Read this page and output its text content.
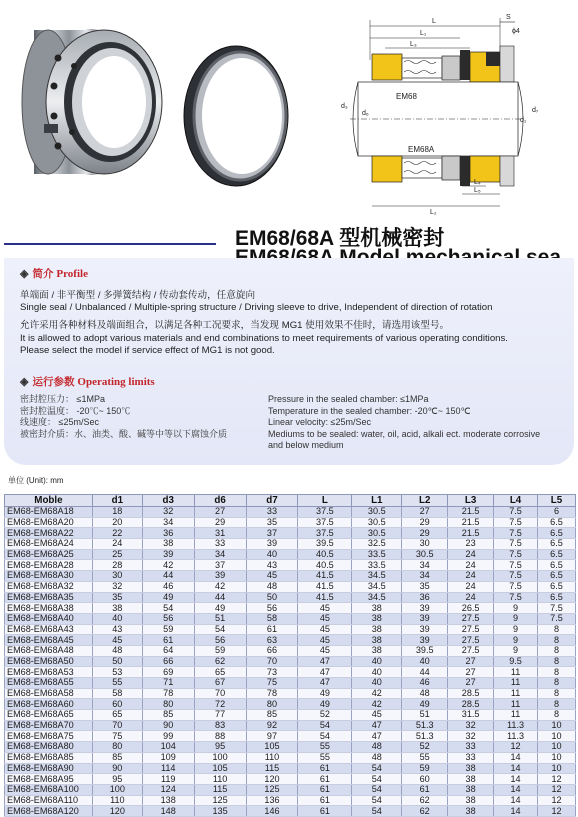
L
L₁
L₃
S
ϕ4
EM68
EM68A
d₃
d₆
d₁
d₇
L₄
L₅
L₂
EM68/68A 型机械密封
◈ 简介 Profile
单端面 / 非平衡型 / 多弹簧结构 / 传动套传动，任意旋向
Single seal / Unbalanced / Multiple-spring structure / Driving sleeve to drive, Independent of direction of rotation
允许采用各种材料及端面组合，以满足各种工况要求，当发现 MG1 使用效果不佳时，请选用该型号。
It is allowed to adopt various materials and end combinations to meet requirements of various operating conditions.
Please select the model if service effect of MG1 is not good.
◈ 运行参数 Operating limits
密封腔压力： ≤1MPa
密封腔温度： -20℃~ 150℃
线速度： ≤25m/Sec
被密封介质：水、油类、酸、碱等中等以下腐蚀介质
Pressure in the sealed chamber: ≤1MPa
Temperature in the sealed chamber: -20℃~ 150℃
Linear velocity: ≤25m/Sec
Mediums to be sealed: water, oil, acid, alkali ect. moderate corrosive
and below medium
单位 (Unit): mm
Moble	d1	d3	d6	d7	L	L1	L2	L3	L4	L5
EM68-EM68A18	18	32	27	33	37.5	30.5	27	21.5	7.5	6
EM68-EM68A20	20	34	29	35	37.5	30.5	29	21.5	7.5	6.5
EM68-EM68A22	22	36	31	37	37.5	30.5	29	21.5	7.5	6.5
EM68-EM68A24	24	38	33	39	39.5	32.5	30	23	7.5	6.5
EM68-EM68A25	25	39	34	40	40.5	33.5	30.5	24	7.5	6.5
EM68-EM68A28	28	42	37	43	40.5	33.5	34	24	7.5	6.5
EM68-EM68A30	30	44	39	45	41.5	34.5	34	24	7.5	6.5
EM68-EM68A32	32	46	42	48	41.5	34.5	35	24	7.5	6.5
EM68-EM68A35	35	49	44	50	41.5	34.5	36	24	7.5	6.5
EM68-EM68A38	38	54	49	56	45	38	39	26.5	9	7.5
EM68-EM68A40	40	56	51	58	45	38	39	27.5	9	7.5
EM68-EM68A43	43	59	54	61	45	38	39	27.5	9	8
EM68-EM68A45	45	61	56	63	45	38	39	27.5	9	8
EM68-EM68A48	48	64	59	66	45	38	39.5	27.5	9	8
EM68-EM68A50	50	66	62	70	47	40	40	27	9.5	8
EM68-EM68A53	53	69	65	73	47	40	44	27	11	8
EM68-EM68A55	55	71	67	75	47	40	46	27	11	8
EM68-EM68A58	58	78	70	78	49	42	48	28.5	11	8
EM68-EM68A60	60	80	72	80	49	42	49	28.5	11	8
EM68-EM68A65	65	85	77	85	52	45	51	31.5	11	8
EM68-EM68A70	70	90	83	92	54	47	51.3	32	11.3	10
EM68-EM68A75	75	99	88	97	54	47	51.3	32	11.3	10
EM68-EM68A80	80	104	95	105	55	48	52	33	12	10
EM68-EM68A85	85	109	100	110	55	48	55	33	14	10
EM68-EM68A90	90	114	105	115	61	54	59	38	14	10
EM68-EM68A95	95	119	110	120	61	54	60	38	14	12
EM68-EM68A100	100	124	115	125	61	54	61	38	14	12
EM68-EM68A110	110	138	125	136	61	54	62	38	14	12
EM68-EM68A120	120	148	135	146	61	54	62	38	14	12
